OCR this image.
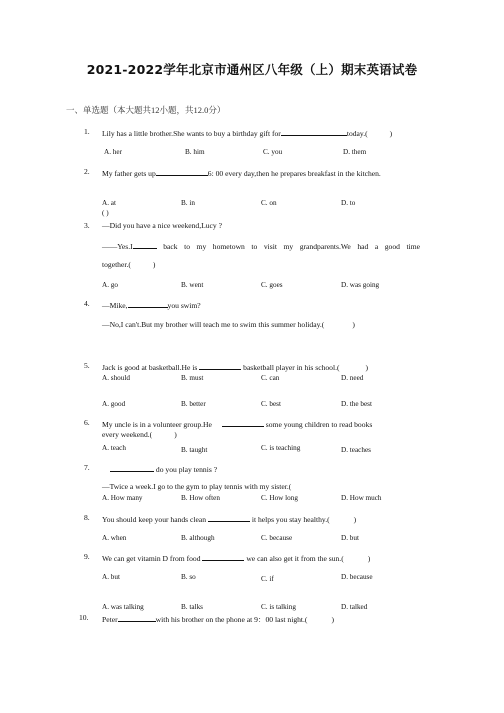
2021-2022学年北京市通州区八年级（上）期末英语试卷
一、单选题（本大题共12小题，共12.0分）
1. Lily has a little brother.She wants to buy a birthday gift for	today.(	)
A. her	B. him	C. you	D. them
2. My father gets up	6: 00 every day,then he prepares breakfast in the kitchen.
A. at	B. in	C. on	D. to
( )
3. —Did you have a nice weekend,Lucy ?
——Yes.I	back to my hometown to visit my grandparents.We had a good time
together.(	)
A. go	B. went	C. goes	D. was going
4. —Mike,	you swim?
—No,I can't.But my brother will teach me to swim this summer holiday.(	)
5. Jack is good at basketball.He is	basketball player in his school.(	)
A. should	B. must	C. can	D. need
A. good	B. better	C. best	D. the best
6. My uncle is in a volunteer group.He	some young children to read books
every weekend.(	)
A. teach	B. taught	C. is teaching	D. teaches
7.	do you play tennis ?
—Twice a week.I go to the gym to play tennis with my sister.(
A. How many	B. How often	C. How long	D. How much
8. You should keep your hands clean	it helps you stay healthy.(	)
A. when	B. although	C. because	D. but
9. We can get vitamin D from food	we can also get it from the sun.(	)
A. but	B. so	C. if	D. because
A. was talking	B. talks	C. is talking	D. talked
10. Peter	with his brother on the phone at 9：00 last night.(	)
